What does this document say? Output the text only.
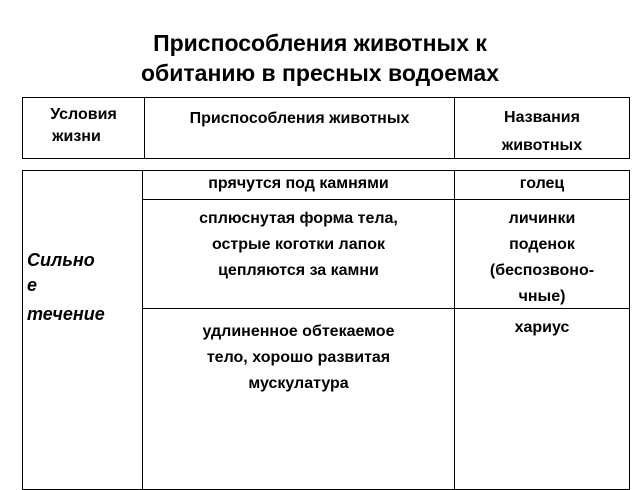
Приспособления животных к
обитанию в пресных водоемах
Условия
жизни
Приспособления животных	Названия
животных
Сильно
е
течение
прячутся под камнями	голец
сплюснутая форма тела,
острые коготки лапок
цепляются за камни
личинки
поденок
(беспозвоно-
чные)
удлиненное обтекаемое
тело, хорошо развитая
мускулатура
хариус
